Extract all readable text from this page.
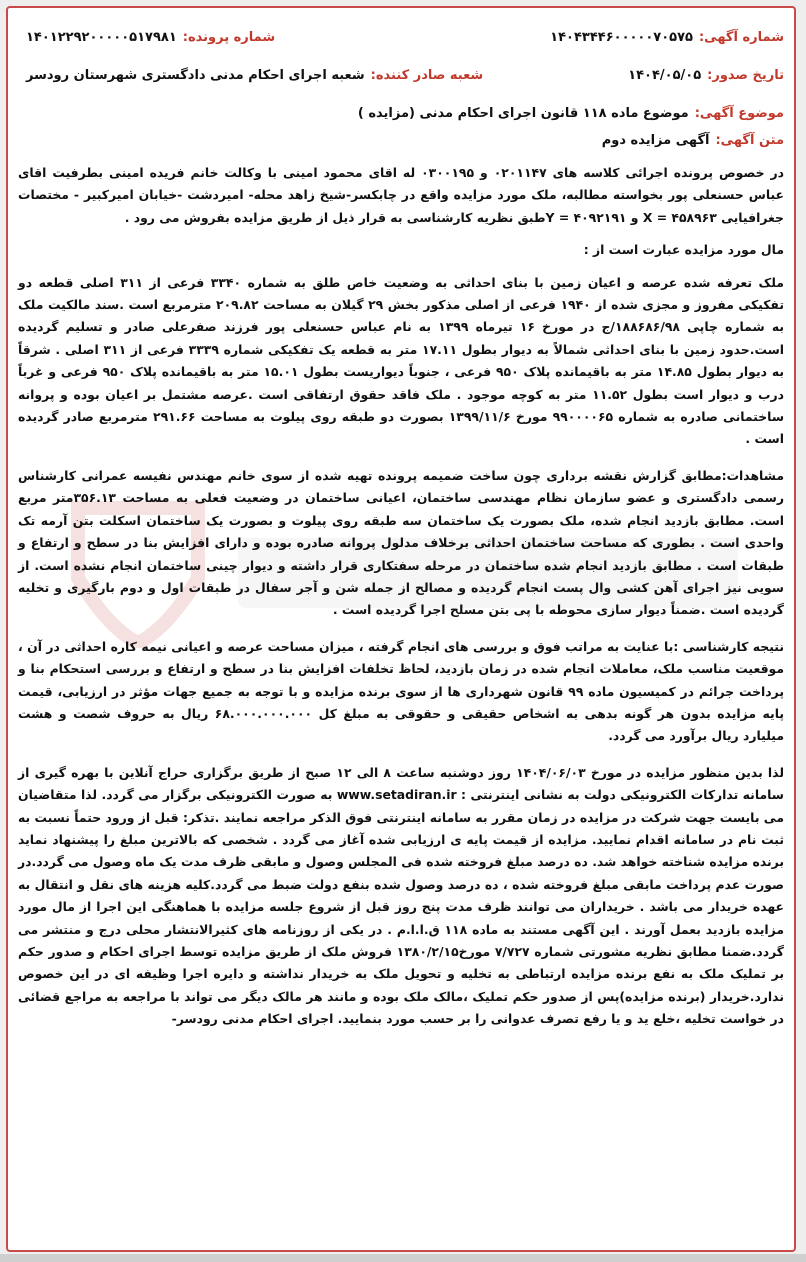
شماره آگهی:۱۴۰۴۳۴۴۶۰۰۰۰۰۷۰۵۷۵
شماره پرونده:۱۴۰۱۲۲۹۲۰۰۰۰۰۵۱۷۹۸۱
تاریخ صدور:۱۴۰۴/۰۵/۰۵
شعبه صادر کننده:شعبه اجرای احکام مدنی دادگستری شهرستان رودسر
موضوع آگهی:موضوع ماده ۱۱۸ قانون اجرای احکام مدنی (مزایده )
متن آگهی:آگهی مزایده دوم
در خصوص پرونده اجرائی کلاسه های ۰۲۰۱۱۴۷ و ۰۳۰۰۱۹۵ له اقای محمود امینی با وکالت خانم فریده امینی بطرفیت اقای عباس حسنعلی پور بخواسته مطالبه، ملک مورد مزایده واقع در چابکسر-شیخ زاهد محله- امیردشت -خیابان امیرکبیر - مختصات جغرافیایی ۴۵۸۹۶۳ = X و ۴۰۹۲۱۹۱ = Yطبق نظریه کارشناسی به قرار ذیل از طریق مزایده بفروش می رود .
مال مورد مزایده عبارت است از :
ملک تعرفه شده عرصه و اعیان زمین با بنای احداثی به وضعیت خاص طلق به شماره ۳۳۴۰ فرعی از ۳۱۱ اصلی قطعه دو تفکیکی مفروز و مجزی شده از ۱۹۴۰ فرعی از اصلی مذکور بخش ۲۹ گیلان به مساحت ۲۰۹.۸۲ مترمربع است .سند مالکیت ملک به شماره چاپی ۱۸۸۶۸۶/۹۸/ج در مورخ ۱۶ تیرماه ۱۳۹۹ به نام عباس حسنعلی پور فرزند صفرعلی صادر و تسلیم گردیده است.حدود زمین با بنای احداثی شمالاً به دیوار بطول ۱۷.۱۱ متر به قطعه یک تفکیکی شماره ۳۳۳۹ فرعی از ۳۱۱ اصلی . شرقاً به دیوار بطول ۱۴.۸۵ متر به باقیمانده پلاک ۹۵۰ فرعی ، جنوباً دیواریست بطول ۱۵.۰۱ متر به باقیمانده پلاک ۹۵۰ فرعی و غرباً درب و دیوار است بطول ۱۱.۵۲ متر به کوچه موجود . ملک فاقد حقوق ارتفاقی است .عرصه مشتمل بر اعیان بوده و پروانه ساختمانی صادره به شماره ۹۹۰۰۰۰۶۵ مورخ ۱۳۹۹/۱۱/۶ بصورت دو طبقه روی پیلوت به مساحت ۲۹۱.۶۶ مترمربع صادر گردیده است .
مشاهدات:مطابق گزارش نقشه برداری چون ساخت ضمیمه پرونده تهیه شده از سوی خانم مهندس نفیسه عمرانی کارشناس رسمی دادگستری و عضو سازمان نظام مهندسی ساختمان، اعیانی ساختمان در وضعیت فعلی به مساحت ۳۵۶.۱۳متر مربع است. مطابق بازدید انجام شده، ملک بصورت یک ساختمان سه طبقه روی پیلوت و بصورت یک ساختمان اسکلت بتن آرمه تک واحدی است . بطوری که مساحت ساختمان احداثی برخلاف مدلول پروانه صادره بوده و دارای افزایش بنا در سطح و ارتفاع و طبقات است . مطابق بازدید انجام شده ساختمان در مرحله سفتکاری قرار داشته و دیوار چینی ساختمان انجام نشده است. از سویی نیز اجرای آهن کشی وال پست انجام گردیده و مصالح از جمله شن و آجر سفال در طبقات اول و دوم بارگیری و تخلیه گردیده است .ضمناً دیوار سازی محوطه با پی بتن مسلح اجرا گردیده است .
نتیجه کارشناسی :با عنایت به مراتب فوق و بررسی های انجام گرفته ، میزان مساحت عرصه و اعیانی نیمه کاره احداثی در آن ، موقعیت مناسب ملک، معاملات انجام شده در زمان بازدید، لحاظ تخلفات افزایش بنا در سطح و ارتفاع و بررسی استحکام بنا و پرداخت جرائم در کمیسیون ماده ۹۹ قانون شهرداری ها از سوی برنده مزایده و با توجه به جمیع جهات مؤثر در ارزیابی، قیمت پایه مزایده بدون هر گونه بدهی به اشخاص حقیقی و حقوقی به مبلغ کل ۶۸.۰۰۰.۰۰۰.۰۰۰ ریال به حروف شصت و هشت میلیارد ریال برآورد می گردد.
لذا بدین منظور مزایده در مورخ ۱۴۰۴/۰۶/۰۳ روز دوشنبه ساعت ۸ الی ۱۲ صبح از طریق برگزاری حراج آنلاین با بهره گیری از سامانه تدارکات الکترونیکی دولت به نشانی اینترنتی : www.setadiran.ir به صورت الکترونیکی برگزار می گردد. لذا متقاضیان می بایست جهت شرکت در مزایده در زمان مقرر به سامانه اینترنتی فوق الذکر مراجعه نمایند .تذکر: قبل از ورود حتماً نسبت به ثبت نام در سامانه اقدام نمایید. مزایده از قیمت پایه ی ارزیابی شده آغاز می گردد . شخصی که بالاترین مبلغ را پیشنهاد نماید برنده مزایده شناخته خواهد شد. ده درصد مبلغ فروخته شده فی المجلس وصول و مابقی ظرف مدت یک ماه وصول می گردد.در صورت عدم پرداخت مابقی مبلغ فروخته شده ، ده درصد وصول شده بنفع دولت ضبط می گردد.کلیه هزینه های نقل و انتقال به عهده خریدار می باشد . خریداران می توانند ظرف مدت پنج روز قبل از شروع جلسه مزایده با هماهنگی این اجرا از مال مورد مزایده بازدید بعمل آورند . این آگهی مستند به ماده ۱۱۸ ق.ا.ا.م . در یکی از روزنامه های کثیرالانتشار محلی درج و منتشر می گردد.ضمنا مطابق نظریه مشورتی شماره ۷/۷۲۷ مورخ۱۳۸۰/۲/۱۵ فروش ملک از طریق مزایده توسط اجرای احکام و صدور حکم بر تملیک ملک به نفع برنده مزایده ارتباطی به تخلیه و تحویل ملک به خریدار نداشته و دایره اجرا وظیفه ای در این خصوص ندارد.خریدار (برنده مزایده)پس از صدور حکم تملیک ،مالک ملک بوده و مانند هر مالک دیگر می تواند با مراجعه به مراجع قضائی در خواست تخلیه ،خلع ید و یا رفع تصرف عدوانی را بر حسب مورد بنمایید. اجرای احکام مدنی رودسر-
